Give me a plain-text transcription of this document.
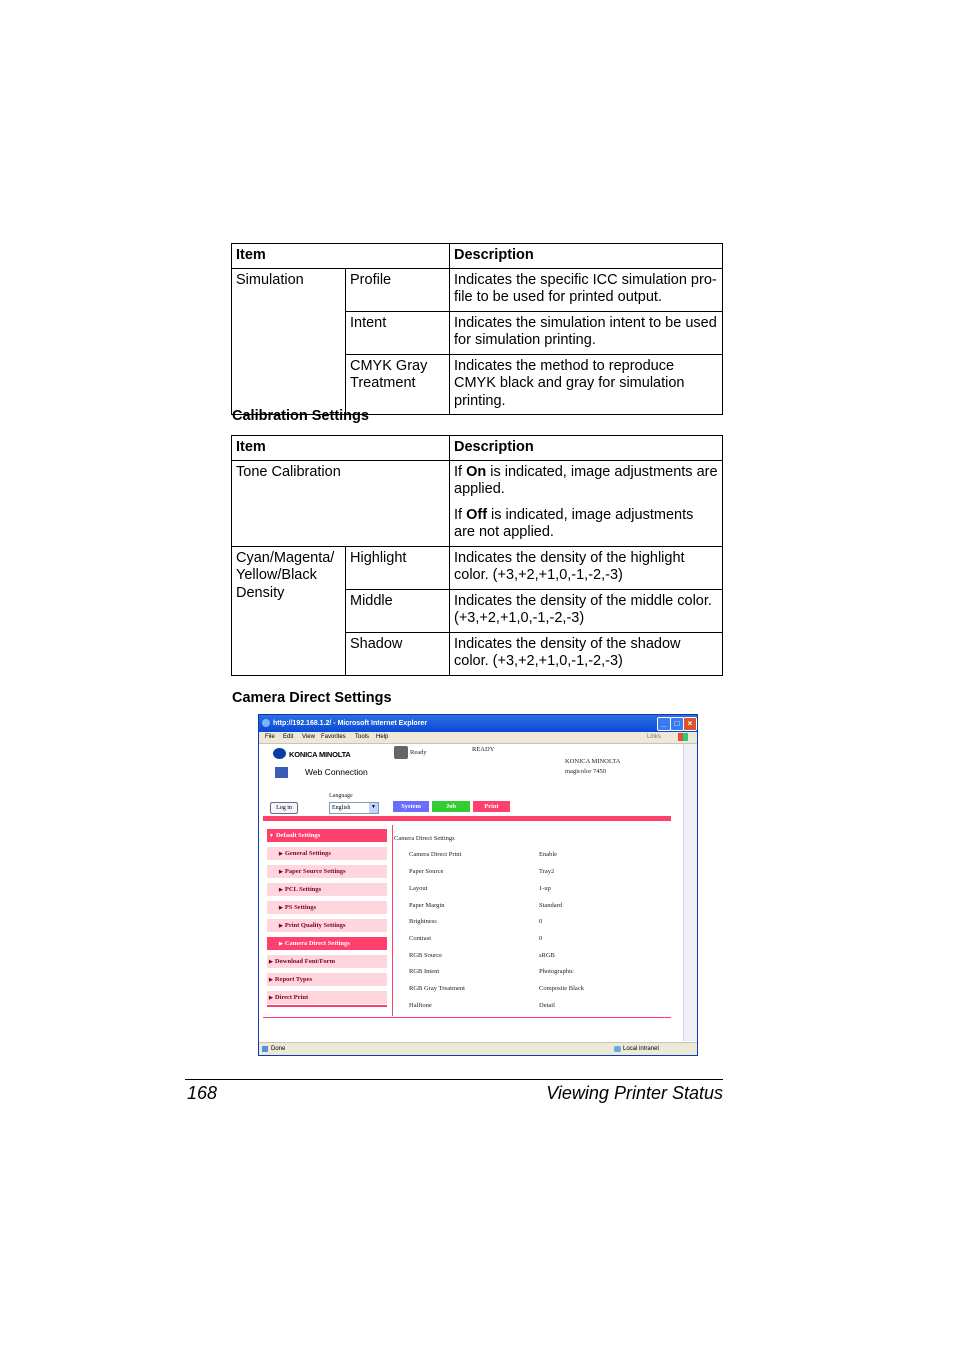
Item		Description
Simulation	Profile	Indicates the specific ICC simulation pro-file to be used for printed output.
	Intent	Indicates the simulation intent to be used for simulation printing.
	CMYK Gray Treatment	Indicates the method to reproduce CMYK black and gray for simulation printing.
Calibration Settings
Item		Description
Tone Calibration		If On is indicated, image adjustments are applied.

If Off is indicated, image adjustments are not applied.

Cyan/Magenta/ Yellow/Black Density	Highlight	Indicates the density of the highlight color. (+3,+2,+1,0,-1,-2,-3)
	Middle	Indicates the density of the middle color. (+3,+2,+1,0,-1,-2,-3)
	Shadow	Indicates the density of the shadow color. (+3,+2,+1,0,-1,-2,-3)
Camera Direct Settings
http://192.168.1.2/ - Microsoft Internet Explorer	_	□	×
File Edit View Favorites Tools Help	Links
KONICA MINOLTA
Web Connection
Ready	READY
KONICA MINOLTA
magicolor 7450
Language
Log in	English	▼	System	Job	Print
▼ Default Settings
▶ General Settings
▶ Paper Source Settings
▶ PCL Settings
▶ PS Settings
▶ Print Quality Settings
▶ Camera Direct Settings
▶ Download Font/Form
▶ Report Types
▶ Direct Print
Camera Direct Settings
Camera Direct Print	Enable
Paper Source	Tray2
Layout	1-up
Paper Margin	Standard
Brightness	0
Contrast	0
RGB Source	sRGB
RGB Intent	Photographic
RGB Gray Treatment	Composite Black
Halftone	Detail
Done	Local intranet
168	Viewing Printer Status
